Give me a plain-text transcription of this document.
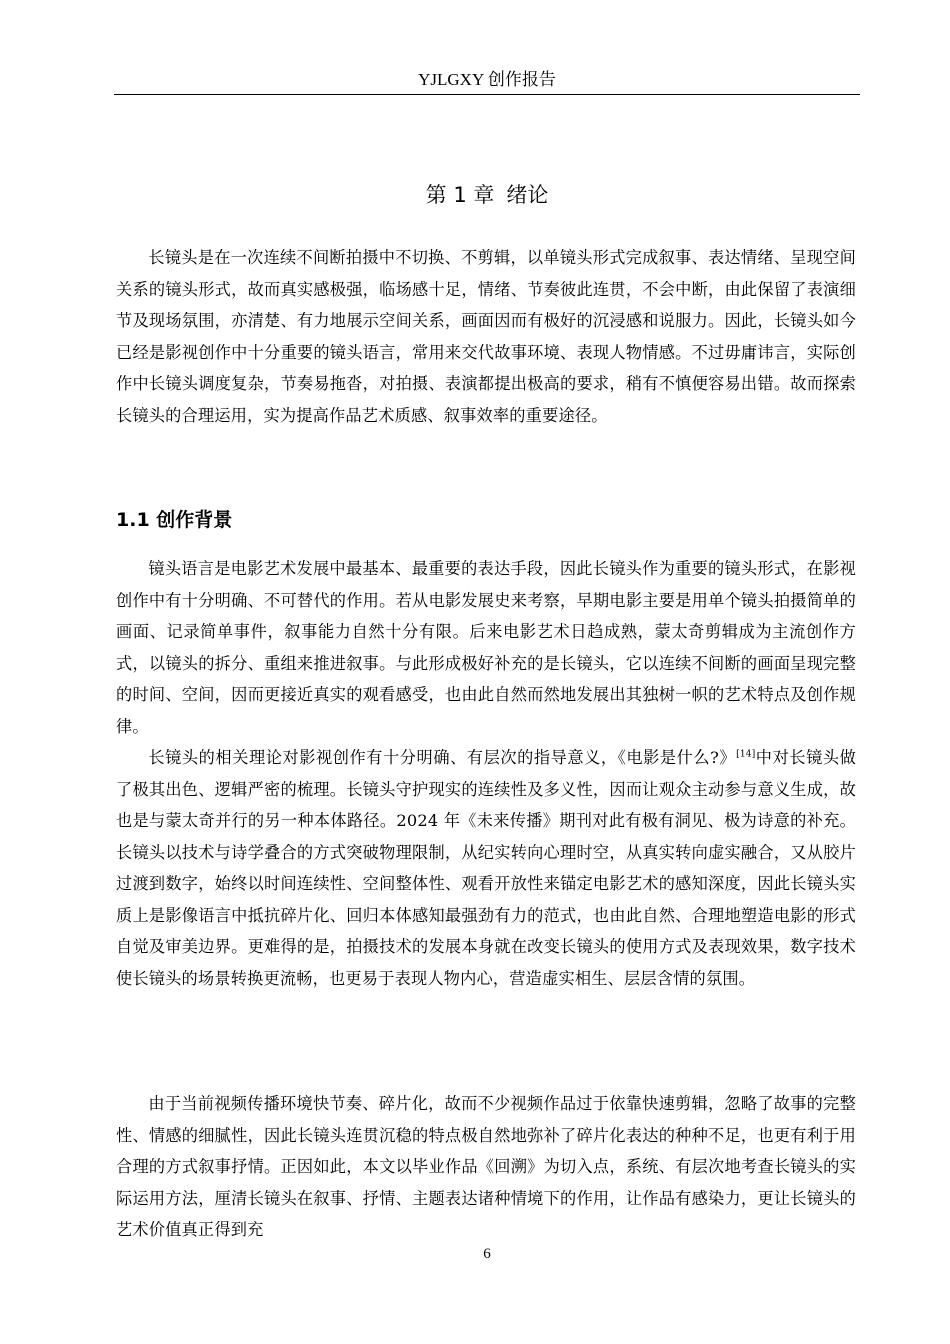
YJLGXY 创作报告
第 1 章 绪论

长镜头是在一次连续不间断拍摄中不切换、不剪辑，以单镜头形式完成叙事、表达情绪、呈现空间关系的镜头形式，故而真实感极强，临场感十足，情绪、节奏彼此连贯，不会中断，由此保留了表演细节及现场氛围，亦清楚、有力地展示空间关系，画面因而有极好的沉浸感和说服力。因此，长镜头如今已经是影视创作中十分重要的镜头语言，常用来交代故事环境、表现人物情感。不过毋庸讳言，实际创作中长镜头调度复杂，节奏易拖沓，对拍摄、表演都提出极高的要求，稍有不慎便容易出错。故而探索长镜头的合理运用，实为提高作品艺术质感、叙事效率的重要途径。

1.1 创作背景

镜头语言是电影艺术发展中最基本、最重要的表达手段，因此长镜头作为重要的镜头形式，在影视创作中有十分明确、不可替代的作用。若从电影发展史来考察，早期电影主要是用单个镜头拍摄简单的画面、记录简单事件，叙事能力自然十分有限。后来电影艺术日趋成熟，蒙太奇剪辑成为主流创作方式，以镜头的拆分、重组来推进叙事。与此形成极好补充的是长镜头，它以连续不间断的画面呈现完整的时间、空间，因而更接近真实的观看感受，也由此自然而然地发展出其独树一帜的艺术特点及创作规律。

长镜头的相关理论对影视创作有十分明确、有层次的指导意义，《电影是什么?》[14]中对长镜头做了极其出色、逻辑严密的梳理。长镜头守护现实的连续性及多义性，因而让观众主动参与意义生成，故也是与蒙太奇并行的另一种本体路径。2024 年《未来传播》期刊对此有极有洞见、极为诗意的补充。长镜头以技术与诗学叠合的方式突破物理限制，从纪实转向心理时空，从真实转向虚实融合，又从胶片过渡到数字，始终以时间连续性、空间整体性、观看开放性来锚定电影艺术的感知深度，因此长镜头实质上是影像语言中抵抗碎片化、回归本体感知最强劲有力的范式，也由此自然、合理地塑造电影的形式自觉及审美边界。更难得的是，拍摄技术的发展本身就在改变长镜头的使用方式及表现效果，数字技术使长镜头的场景转换更流畅，也更易于表现人物内心，营造虚实相生、层层含情的氛围。

由于当前视频传播环境快节奏、碎片化，故而不少视频作品过于依靠快速剪辑，忽略了故事的完整性、情感的细腻性，因此长镜头连贯沉稳的特点极自然地弥补了碎片化表达的种种不足，也更有利于用合理的方式叙事抒情。正因如此，本文以毕业作品《回溯》为切入点，系统、有层次地考查长镜头的实际运用方法，厘清长镜头在叙事、抒情、主题表达诸种情境下的作用，让作品有感染力，更让长镜头的艺术价值真正得到充

6
